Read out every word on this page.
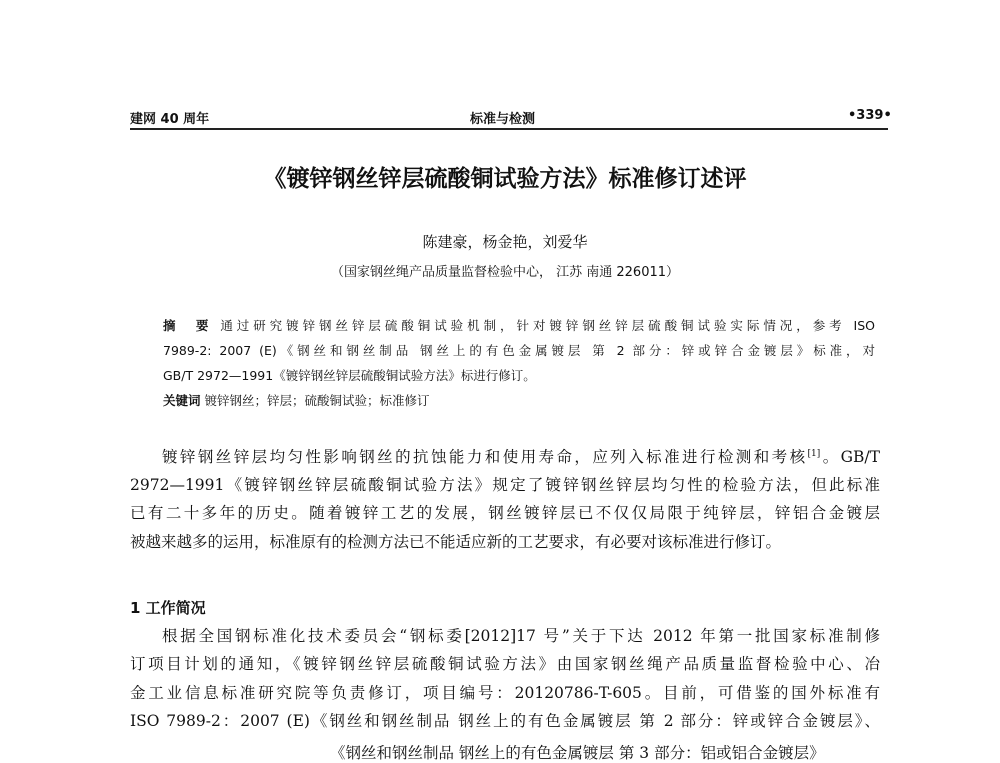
建网 40 周年	标准与检测	•339•
《镀锌钢丝锌层硫酸铜试验方法》标准修订述评
陈建豪，杨金艳，刘爱华
（国家钢丝绳产品质量监督检验中心， 江苏 南通 226011）
摘　要 通过研究镀锌钢丝锌层硫酸铜试验机制，针对镀锌钢丝锌层硫酸铜试验实际情况，参考 ISO
7989-2: 2007 (E)《钢丝和钢丝制品 钢丝上的有色金属镀层 第 2 部分：锌或锌合金镀层》标准，对
GB/T 2972—1991《镀锌钢丝锌层硫酸铜试验方法》标进行修订。
关键词 镀锌钢丝；锌层；硫酸铜试验；标准修订
镀锌钢丝锌层均匀性影响钢丝的抗蚀能力和使用寿命，应列入标准进行检测和考核[1]。GB/T
2972—1991《镀锌钢丝锌层硫酸铜试验方法》规定了镀锌钢丝锌层均匀性的检验方法，但此标准
已有二十多年的历史。随着镀锌工艺的发展，钢丝镀锌层已不仅仅局限于纯锌层，锌铝合金镀层
被越来越多的运用，标准原有的检测方法已不能适应新的工艺要求，有必要对该标准进行修订。
1 工作简况
根据全国钢标准化技术委员会“钢标委[2012]17 号”关于下达 2012 年第一批国家标准制修
订项目计划的通知，《镀锌钢丝锌层硫酸铜试验方法》由国家钢丝绳产品质量监督检验中心、冶
金工业信息标准研究院等负责修订，项目编号：20120786-T-605。目前，可借鉴的国外标准有
ISO 7989-2：2007 (E)《钢丝和钢丝制品 钢丝上的有色金属镀层 第 2 部分：锌或锌合金镀层》、
《钢丝和钢丝制品 钢丝上的有色金属镀层 第 3 部分：铝或铝合金镀层》
